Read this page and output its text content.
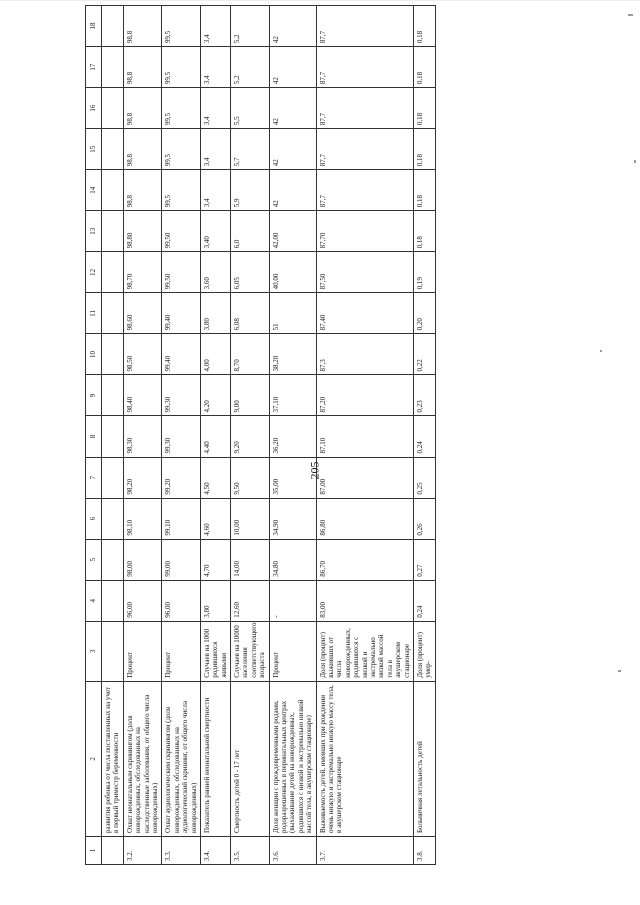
205
1	2	3	4	5	6	7	8	9	10	11	12	13	14	15	16	17	18
	развития ребенка от числа поставленных на учет в первый триместр беременности																
3.2.	Охват неонатальным скринингом (доля новорожденных, обследованных на наследственные заболевания, от общего числа новорожденных)	Процент	96,00	98,00	98,10	98,20	98,30	98,40	98,50	98,60	98,70	98,80	98,8	98,8	98,8	98,8	98,8
3.3.	Охват аудиологическим скринингом (доля новорожденных, обследованных на аудиологический скрининг, от общего числа новорожденных)	Процент	96,00	99,00	99,10	99,20	99,30	99,30	99,40	99,40	99,50	99,50	99,5	99,5	99,5	99,5	99,5
3.4.	Показатель ранней неонатальной смертности	Случаев на 1000 родившихся живыми	3,80	4,70	4,60	4,50	4,40	4,20	4,00	3,80	3,60	3,40	3,4	3,4	3,4	3,4	3,4
3.5.	Смертность детей 0 - 17 лет	Случаев на 10000 населения соответствующего возраста	12,60	14,00	10,00	9,50	9,20	9,00	8,70	6,08	6,05	6,0	5,9	5,7	5,5	5,2	5,2
3.6.	Доля женщин с преждевременными родами, родоразрешенных в перинатальных центрах (выхаживание детей на новорожденных, родившихся с низкой и экстремально низкой массой тела, в акушерском стационаре)	Процент	-	34,80	34,90	35,00	36,20	37,10	38,20	51	40,00	42,00	42	42	42	42	42
3.7.	Выживаемость детей, имевших при рождении очень низкую и экстремально низкую массу тела, в акушерском стационаре	Доля (процент) выживших от числа новорожденных, родившихся с низкой и экстремально низкой массой тела в акушерском стационаре	83,00	86,70	86,80	87,00	87,10	87,20	87,3	87,40	87,50	87,70	87,7	87,7	87,7	87,7	87,7
3.8.	Больничная летальность детей	Доля (процент) умер-	0,24	0,27	0,26	0,25	0,24	0,23	0,22	0,20	0,19	0,18	0,18	0,18	0,18	0,18	0,18
